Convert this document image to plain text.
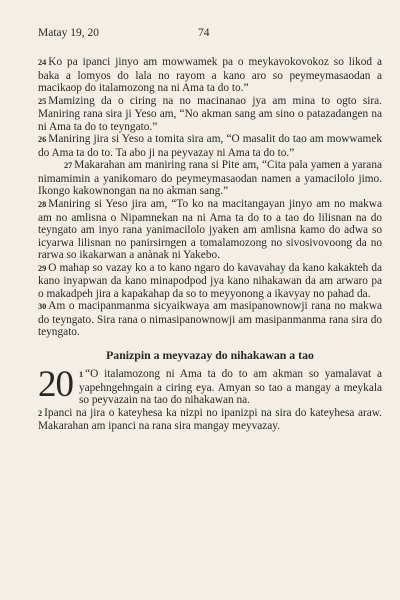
Matay 19, 20	74

24 Ko pa ipanci jinyo am mowwamek pa o meykavokovokoz so likod a baka a lomyos do lala no rayom a kano aro so peymeymasaodan a macikaop do italamozong na ni Ama ta do to.”

25 Mamizing da o ciring na no macinanao jya am mina to ogto sira. Maniring rana sira ji Yeso am, “No akman sang am sino o patazadangen na ni Ama ta do to teyngato.”

26 Maniring jira si Yeso a tomita sira am, “O masalit do tao am mowwamek do Ama ta do to. Ta abo ji na peyvazay ni Ama ta do to.”

27 Makarahan am maniring rana si Pite am, “Cita pala yamen a yarana nimamimin a yanikomaro do peymeymasaodan namen a yamacilolo jimo. Ikongo kakownongan na no akman sang.”

28 Maniring si Yeso jira am, “To ko na macitangayan jinyo am no makwa am no amlisna o Nipamnekan na ni Ama ta do to a tao do lilisnan na do teyngato am inyo rana yanimacilolo jyaken am amlisna kamo do adwa so icyarwa lilisnan no panirsirngen a tomalamozong no sivosivovoong da no rarwa so ikakarwan a anànak ni Yakebo.

29 O mahap so vazay ko a to kano ngaro do kavavahay da kano kakakteh da kano inyapwan da kano minapodpod jya kano nihakawan da am arwaro pa o makadpeh jira a kapakahap da so to meyyonong a ikavyay no pahad da.

30 Am o macipanmanma sicyaikwaya am masipanownowji rana no makwa do teyngato. Sira rana o nimasipanownowji am masipanmanma rana sira do teyngato.

Panizpin a meyvazay do nihakawan a tao
20 1 “O italamozong ni Ama ta do to am akman so yamalavat a yapehngehngain a ciring eya. Amyan so tao a mangay a meykala so peyvazain na tao do nihakawan na.

2 Ipanci na jira o kateyhesa ka nizpi no ipanizpi na sira do kateyhesa araw. Makarahan am ipanci na rana sira mangay meyvazay.
